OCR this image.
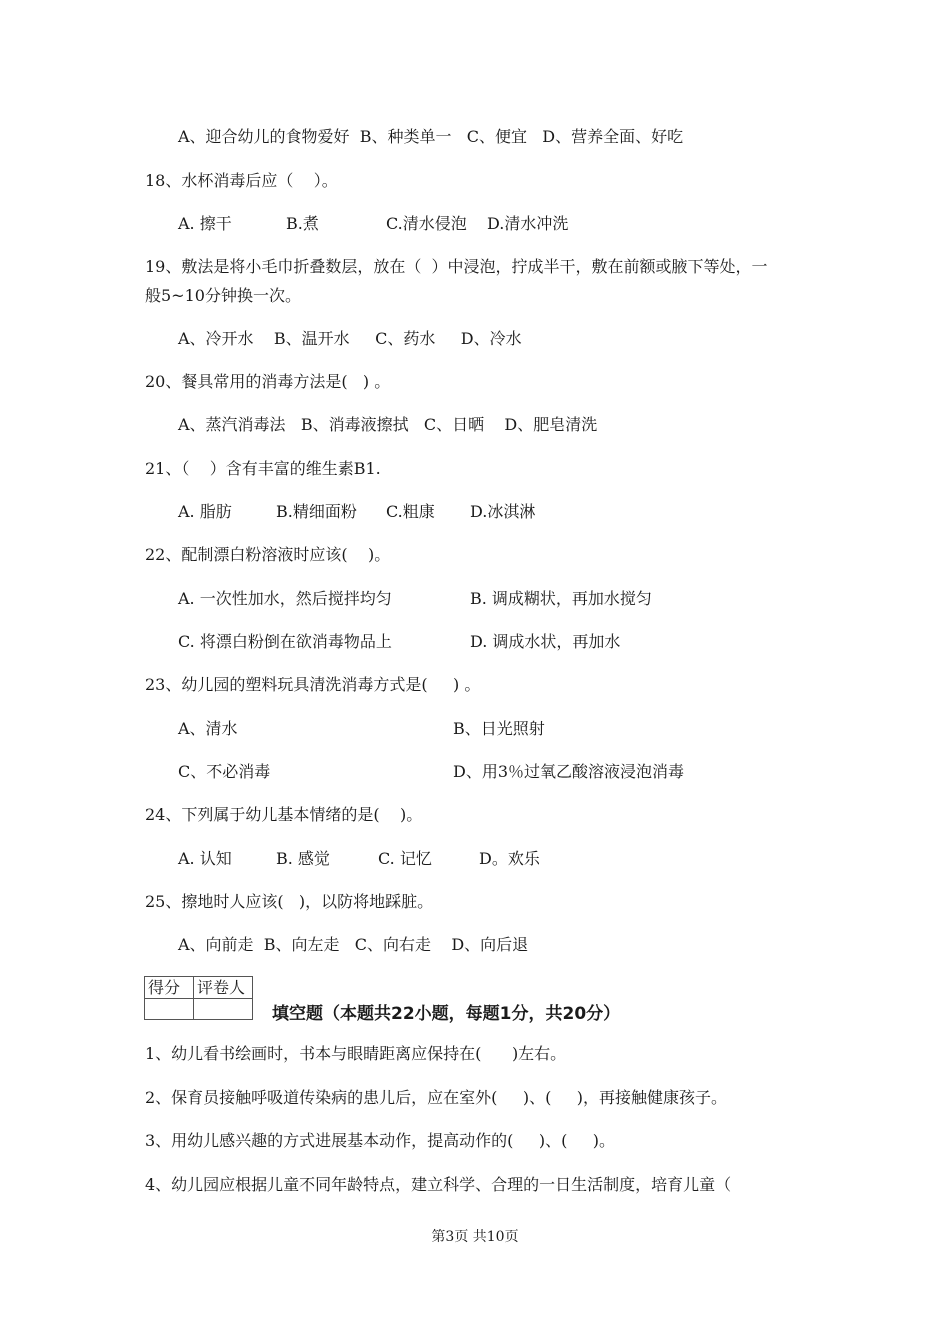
A、迎合幼儿的食物爱好  B、种类单一   C、便宜   D、营养全面、好吃
18、水杯消毒后应（    ）。

A. 擦干

	B.煮

	C.清水侵泡

D.清水冲洗

19、敷法是将小毛巾折叠数层，放在（  ）中浸泡，拧成半干，敷在前额或腋下等处，一
般5~10分钟换一次。
A、冷开水    B、温开水     C、药水     D、冷水
20、餐具常用的消毒方法是(   ) 。
A、蒸汽消毒法   B、消毒液擦拭   C、日晒    D、肥皂清洗
21、（    ）含有丰富的维生素B1.

A. 脂肪

	B.精细面粉

C.粗康

D.冰淇淋

22、配制漂白粉溶液时应该(    )。

A. 一次性加水，然后搅拌均匀

	B. 调成糊状，再加水搅匀

C. 将漂白粉倒在欲消毒物品上

	D. 调成水状，再加水

23、幼儿园的塑料玩具清洗消毒方式是(     ) 。

A、清水

	B、日光照射

C、不必消毒

	D、用3％过氧乙酸溶液浸泡消毒

24、下列属于幼儿基本情绪的是(    )。

A. 认知

	B. 感觉

	C. 记忆

	D。欢乐

25、擦地时人应该(   )，以防将地踩脏。
A、向前走  B、向左走   C、向右走    D、向后退
得分	评卷人

填空题（本题共22小题，每题1分，共20分）
1、幼儿看书绘画时，书本与眼睛距离应保持在(      )左右。
2、保育员接触呼吸道传染病的患儿后，应在室外(     )、(     )，再接触健康孩子。
3、用幼儿感兴趣的方式进展基本动作，提高动作的(     )、(     )。
4、幼儿园应根据儿童不同年龄特点，建立科学、合理的一日生活制度，培育儿童（
第3页 共10页
